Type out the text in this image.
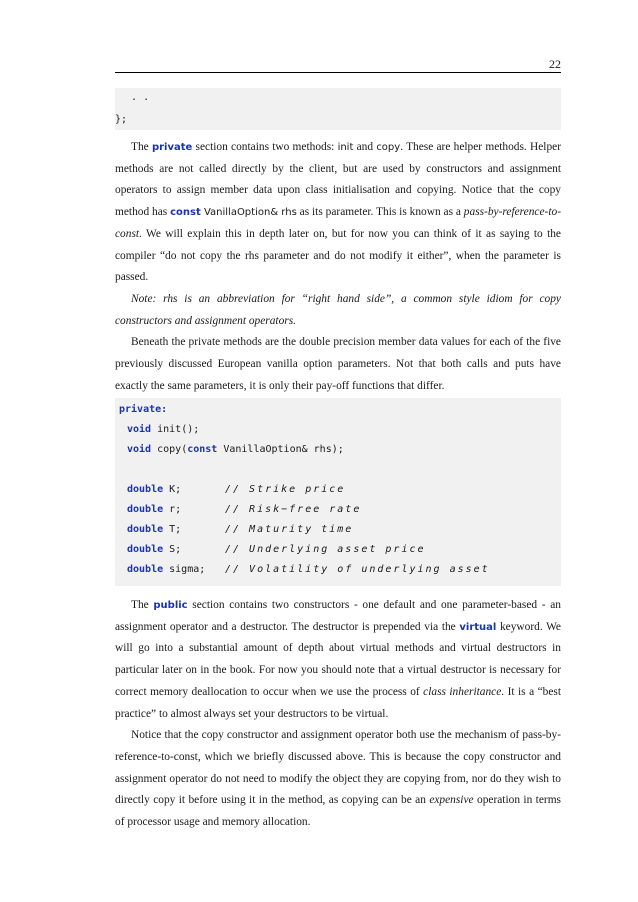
22
. .
};

The private section contains two methods: init and copy. These are helper methods. Helper methods are not called directly by the client, but are used by constructors and assignment operators to assign member data upon class initialisation and copying. Notice that the copy method has const VanillaOption& rhs as its parameter. This is known as a pass-by-reference-to-const. We will explain this in depth later on, but for now you can think of it as saying to the compiler “do not copy the rhs parameter and do not modify it either”, when the parameter is passed.

Note: rhs is an abbreviation for “right hand side”, a common style idiom for copy constructors and assignment operators.

Beneath the private methods are the double precision member data values for each of the five previously discussed European vanilla option parameters. Not that both calls and puts have exactly the same parameters, it is only their pay-off functions that differ.

private:
void init();
void copy(const VanillaOption& rhs);
double K;	// Strike price
double r;	// Risk−free rate
double T;	// Maturity time
double S;	// Underlying asset price
double sigma; // Volatility of underlying asset

The public section contains two constructors - one default and one parameter-based - an assignment operator and a destructor. The destructor is prepended via the virtual keyword. We will go into a substantial amount of depth about virtual methods and virtual destructors in particular later on in the book. For now you should note that a virtual destructor is necessary for correct memory deallocation to occur when we use the process of class inheritance. It is a “best practice” to almost always set your destructors to be virtual.

Notice that the copy constructor and assignment operator both use the mechanism of pass-by-reference-to-const, which we briefly discussed above. This is because the copy constructor and assignment operator do not need to modify the object they are copying from, nor do they wish to directly copy it before using it in the method, as copying can be an expensive operation in terms of processor usage and memory allocation.
